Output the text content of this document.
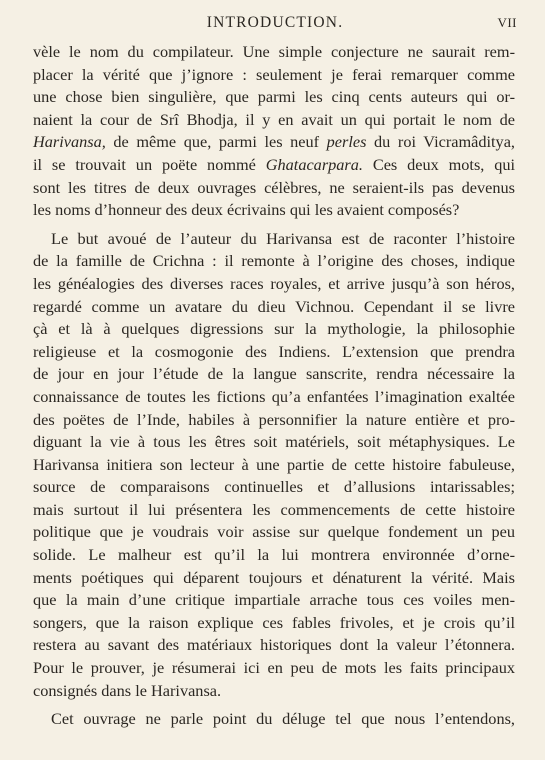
INTRODUCTION.	VII
vèle le nom du compilateur. Une simple conjecture ne saurait rem-
placer la vérité que j’ignore : seulement je ferai remarquer comme
une chose bien singulière, que parmi les cinq cents auteurs qui or-
naient la cour de Srî Bhodja, il y en avait un qui portait le nom de
Harivansa, de même que, parmi les neuf perles du roi Vicramâditya,
il se trouvait un poëte nommé Ghatacarpara. Ces deux mots, qui
sont les titres de deux ouvrages célèbres, ne seraient-ils pas devenus
les noms d’honneur des deux écrivains qui les avaient composés?
Le but avoué de l’auteur du Harivansa est de raconter l’histoire
de la famille de Crichna : il remonte à l’origine des choses, indique
les généalogies des diverses races royales, et arrive jusqu’à son héros,
regardé comme un avatare du dieu Vichnou. Cependant il se livre
çà et là à quelques digressions sur la mythologie, la philosophie
religieuse et la cosmogonie des Indiens. L’extension que prendra
de jour en jour l’étude de la langue sanscrite, rendra nécessaire la
connaissance de toutes les fictions qu’a enfantées l’imagination exaltée
des poëtes de l’Inde, habiles à personnifier la nature entière et pro-
diguant la vie à tous les êtres soit matériels, soit métaphysiques. Le
Harivansa initiera son lecteur à une partie de cette histoire fabuleuse,
source de comparaisons continuelles et d’allusions intarissables;
mais surtout il lui présentera les commencements de cette histoire
politique que je voudrais voir assise sur quelque fondement un peu
solide. Le malheur est qu’il la lui montrera environnée d’orne-
ments poétiques qui déparent toujours et dénaturent la vérité. Mais
que la main d’une critique impartiale arrache tous ces voiles men-
songers, que la raison explique ces fables frivoles, et je crois qu’il
restera au savant des matériaux historiques dont la valeur l’étonnera.
Pour le prouver, je résumerai ici en peu de mots les faits principaux
consignés dans le Harivansa.
Cet ouvrage ne parle point du déluge tel que nous l’entendons,
